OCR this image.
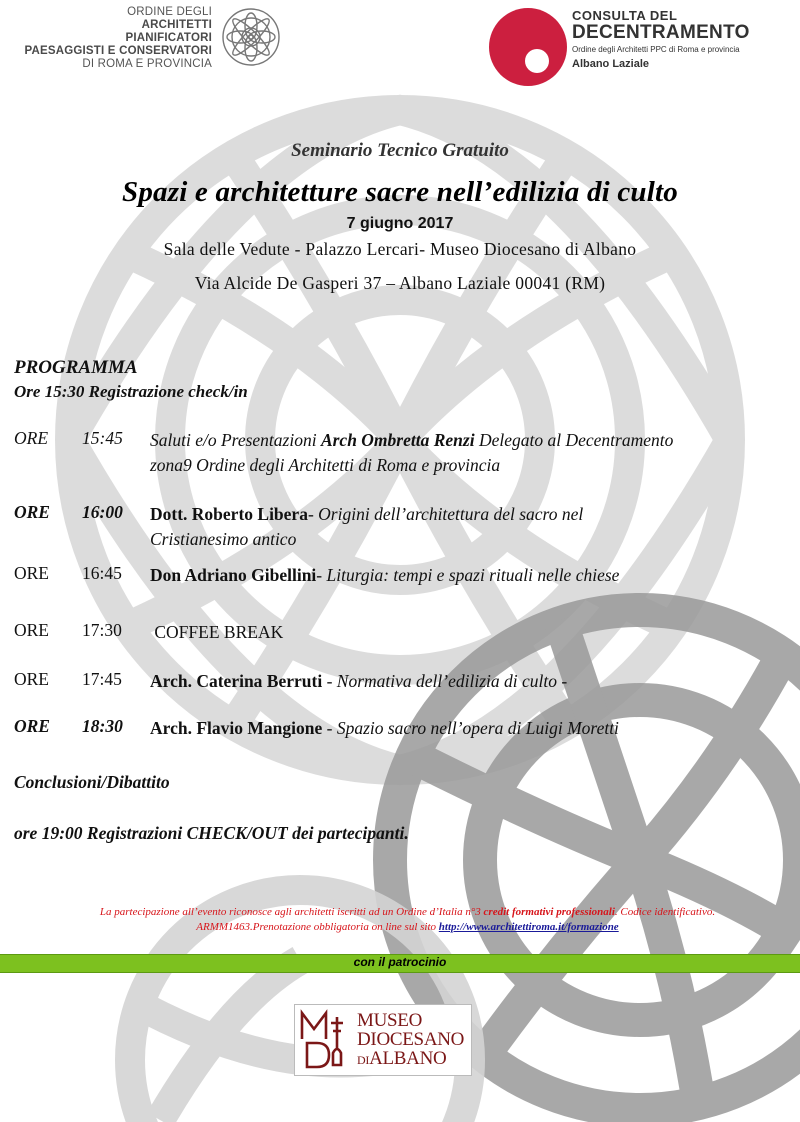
ORDINE DEGLI
ARCHITETTI
PIANIFICATORI
PAESAGGISTI E CONSERVATORI
DI ROMA E PROVINCIA
CONSULTA DEL
DECENTRAMENTO
Ordine degli Architetti PPC di Roma e provincia
Albano Laziale
Seminario Tecnico Gratuito
Spazi e architetture sacre nell’edilizia di culto
7 giugno 2017
Sala delle Vedute - Palazzo Lercari- Museo Diocesano di Albano
Via Alcide De Gasperi 37 – Albano Laziale 00041 (RM)
PROGRAMMA
Ore 15:30 Registrazione check/in
ORE 15:45 Saluti e/o Presentazioni Arch Ombretta Renzi Delegato al Decentramento
zona9 Ordine degli Architetti di Roma e provincia
ORE 16:00 Dott. Roberto Libera- Origini dell’architettura del sacro nel
Cristianesimo antico
ORE 16:45 Don Adriano Gibellini- Liturgia: tempi e spazi rituali nelle chiese
ORE 17:30 COFFEE BREAK
ORE 17:45 Arch. Caterina Berruti - Normativa dell’edilizia di culto -
ORE 18:30 Arch. Flavio Mangione - Spazio sacro nell’opera di Luigi Moretti
Conclusioni/Dibattito
ore 19:00 Registrazioni CHECK/OUT dei partecipanti.
La partecipazione all’evento riconosce agli architetti iscritti ad un Ordine d’Italia n°3 credit formativi professionali. Codice identificativo.
ARMM1463.Prenotazione obbligatoria on line sul sito http://www.architettiroma.it/formazione
con il patrocinio
MUSEO
DIOCESANO
DIALBANO
